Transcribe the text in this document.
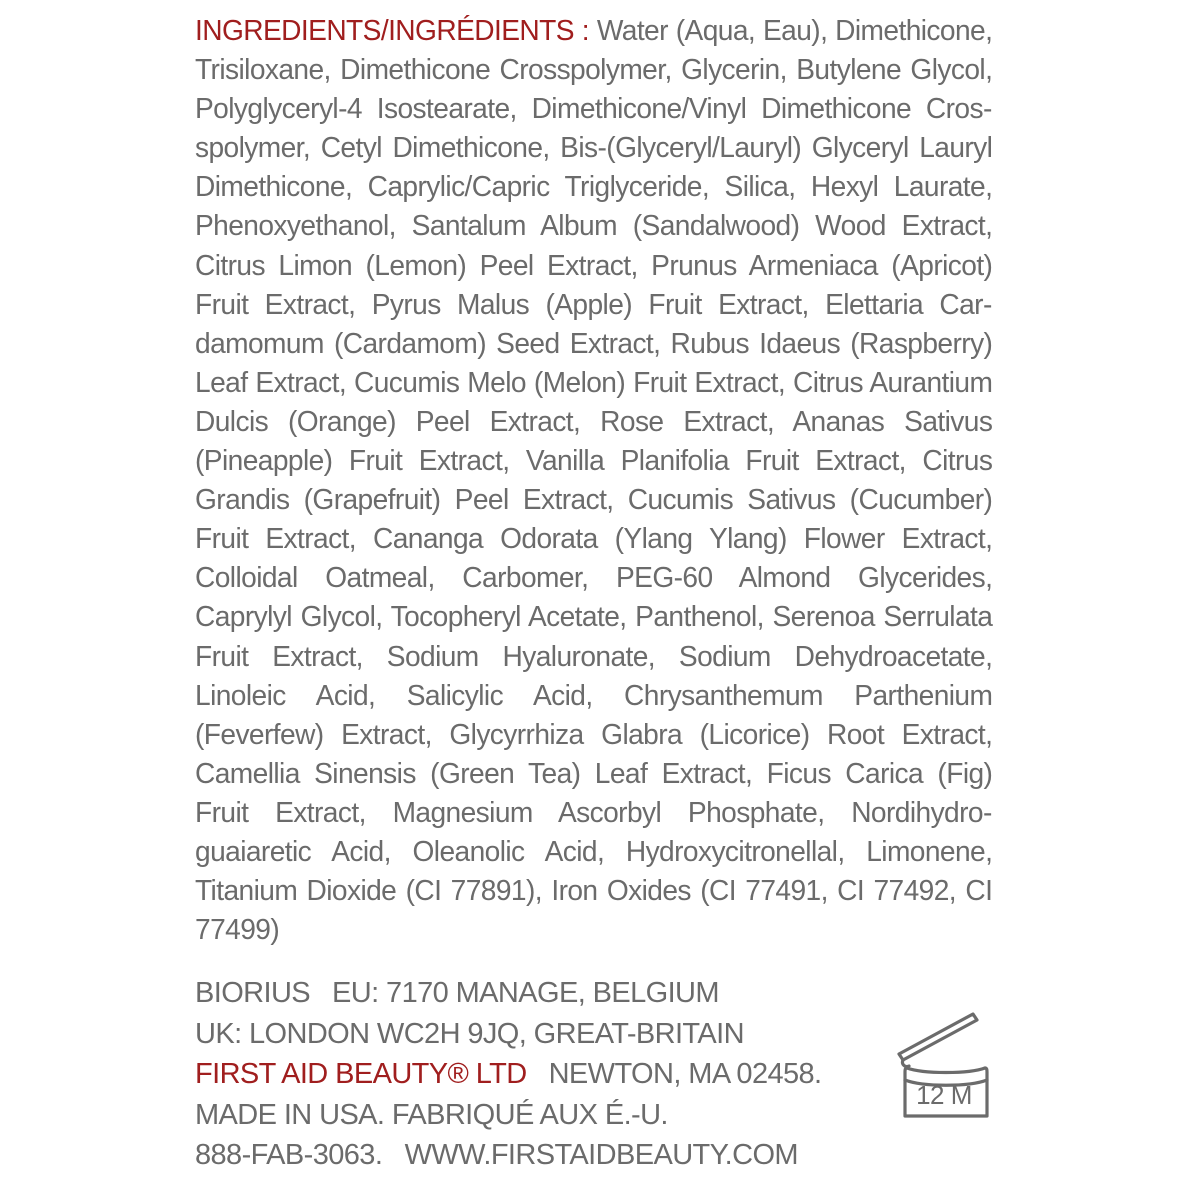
INGREDIENTS/INGRÉDIENTS : Water (Aqua, Eau), Dimethicone, Trisiloxane, Dimethicone Crosspolymer, Glycerin, Butylene Glycol, Polyglyceryl-4 Isostearate, Dimethicone/Vinyl Dimethicone Crosspolymer, Cetyl Dimethicone, Bis-(Glyceryl/Lauryl) Glyceryl Lauryl Dimethicone, Caprylic/Capric Triglyceride, Silica, Hexyl Laurate, Phenoxyethanol, Santalum Album (Sandalwood) Wood Extract, Citrus Limon (Lemon) Peel Extract, Prunus Armeniaca (Apricot) Fruit Extract, Pyrus Malus (Apple) Fruit Extract, Elettaria Cardamomum (Cardamom) Seed Extract, Rubus Idaeus (Raspberry) Leaf Extract, Cucumis Melo (Melon) Fruit Extract, Citrus Aurantium Dulcis (Orange) Peel Extract, Rose Extract, Ananas Sativus (Pineapple) Fruit Extract, Vanilla Planifolia Fruit Extract, Citrus Grandis (Grapefruit) Peel Extract, Cucumis Sativus (Cucumber) Fruit Extract, Cananga Odorata (Ylang Ylang) Flower Extract, Colloidal Oatmeal, Carbomer, PEG-60 Almond Glycerides, Caprylyl Glycol, Tocopheryl Acetate, Panthenol, Serenoa Serrulata Fruit Extract, Sodium Hyaluronate, Sodium Dehydroacetate, Linoleic Acid, Salicylic Acid, Chrysanthemum Parthenium (Feverfew) Extract, Glycyrrhiza Glabra (Licorice) Root Extract, Camellia Sinensis (Green Tea) Leaf Extract, Ficus Carica (Fig) Fruit Extract, Magnesium Ascorbyl Phosphate, Nordihydroguaiaretic Acid, Oleanolic Acid, Hydroxycitronellal, Limonene, Titanium Dioxide (CI 77891), Iron Oxides (CI 77491, CI 77492, CI 77499)
BIORIUS EU: 7170 MANAGE, BELGIUM
UK: LONDON WC2H 9JQ, GREAT-BRITAIN
FIRST AID BEAUTY® LTD NEWTON, MA 02458.
MADE IN USA. FABRIQUÉ AUX É.-U.
888-FAB-3063.   WWW.FIRSTAIDBEAUTY.COM
12 M
